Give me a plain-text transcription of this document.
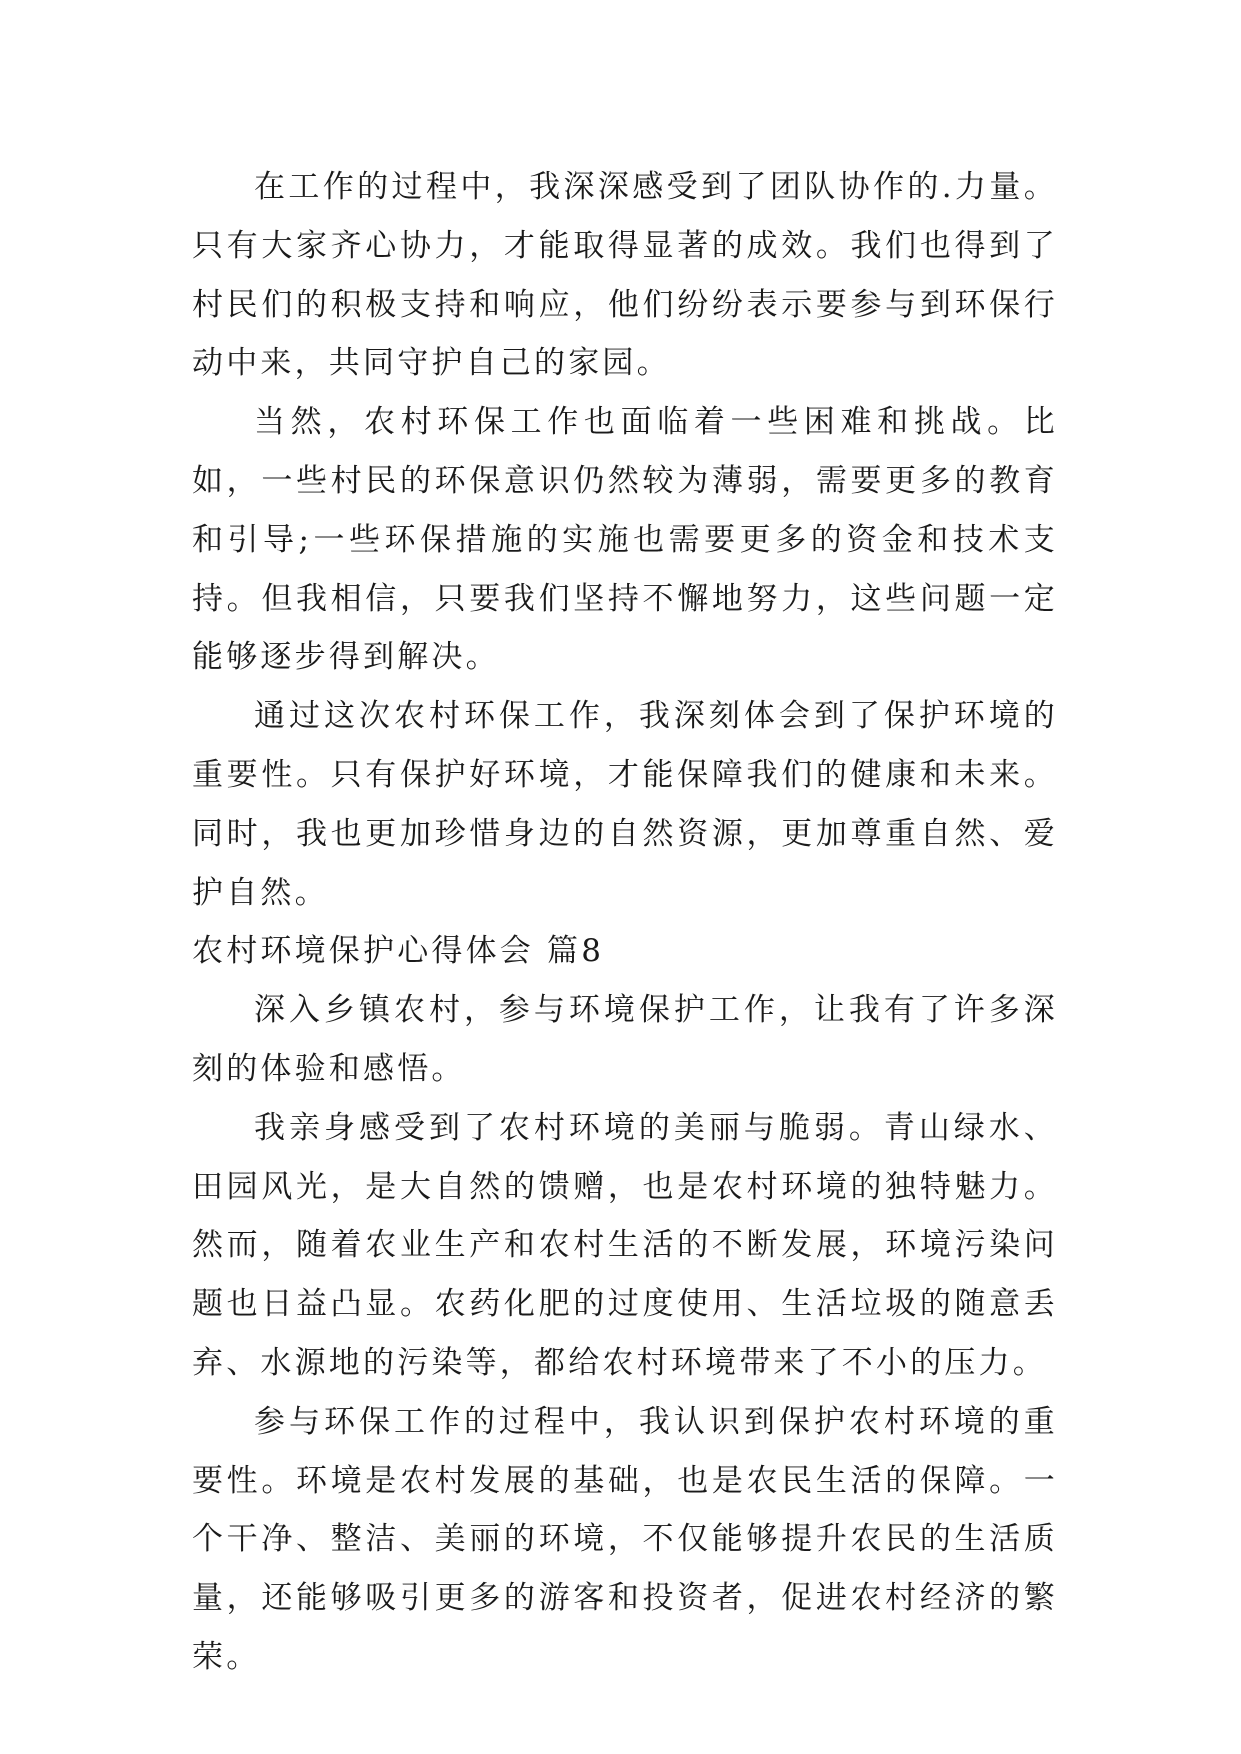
在工作的过程中，我深深感受到了团队协作的.力量。只有大家齐心协力，才能取得显著的成效。我们也得到了村民们的积极支持和响应，他们纷纷表示要参与到环保行动中来，共同守护自己的家园。

当然，农村环保工作也面临着一些困难和挑战。比如，一些村民的环保意识仍然较为薄弱，需要更多的教育和引导;一些环保措施的实施也需要更多的资金和技术支持。但我相信，只要我们坚持不懈地努力，这些问题一定能够逐步得到解决。

通过这次农村环保工作，我深刻体会到了保护环境的重要性。只有保护好环境，才能保障我们的健康和未来。同时，我也更加珍惜身边的自然资源，更加尊重自然、爱护自然。

农村环境保护心得体会 篇8

深入乡镇农村，参与环境保护工作，让我有了许多深刻的体验和感悟。

我亲身感受到了农村环境的美丽与脆弱。青山绿水、田园风光，是大自然的馈赠，也是农村环境的独特魅力。然而，随着农业生产和农村生活的不断发展，环境污染问题也日益凸显。农药化肥的过度使用、生活垃圾的随意丢弃、水源地的污染等，都给农村环境带来了不小的压力。

参与环保工作的过程中，我认识到保护农村环境的重要性。环境是农村发展的基础，也是农民生活的保障。一个干净、整洁、美丽的环境，不仅能够提升农民的生活质量，还能够吸引更多的游客和投资者，促进农村经济的繁荣。
